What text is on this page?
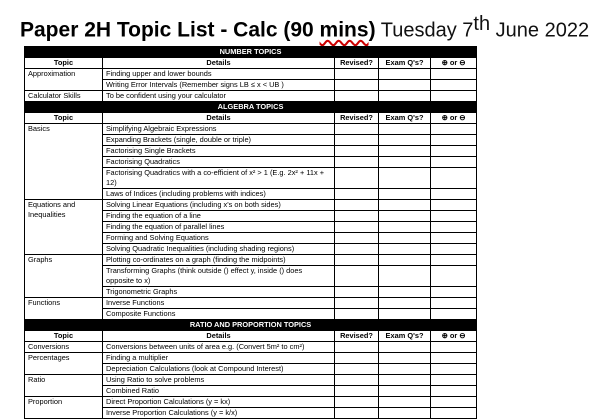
Paper 2H Topic List - Calc (90 mins) Tuesday 7th June 2022
NUMBER TOPICS				
Topic	Details	Revised?	Exam Q's?	⊕ or ⊖
Approximation	Finding upper and lower bounds			
	Writing Error Intervals (Remember signs LB ≤ x < UB )			
Calculator Skills	To be confident using your calculator			
ALGEBRA TOPICS				
Topic	Details	Revised?	Exam Q's?	⊕ or ⊖
Basics	Simplifying Algebraic Expressions			
	Expanding Brackets (single, double or triple)			
	Factorising Single Brackets			
	Factorising Quadratics			
	Factorising Quadratics with a co-efficient of x² > 1 (E.g. 2x² + 11x + 12)			
	Laws of Indices (including problems with indices)			
Equations and Inequalities	Solving Linear Equations (including x's on both sides)			
	Finding the equation of a line			
	Finding the equation of parallel lines			
	Forming and Solving Equations			
	Solving Quadratic Inequalities (including shading regions)			
Graphs	Plotting co-ordinates on a graph (finding the midpoints)			
	Transforming Graphs (think outside () effect y, inside () does opposite to x)			
	Trigonometric Graphs			
Functions	Inverse Functions			
	Composite Functions			
RATIO AND PROPORTION TOPICS				
Topic	Details	Revised?	Exam Q's?	⊕ or ⊖
Conversions	Conversions between units of area e.g. (Convert 5m² to cm²)			
Percentages	Finding a multiplier			
	Depreciation Calculations (look at Compound Interest)			
Ratio	Using Ratio to solve problems			
	Combined Ratio			
Proportion	Direct Proportion Calculations (y = kx)			
	Inverse Proportion Calculations (y = k/x)			
